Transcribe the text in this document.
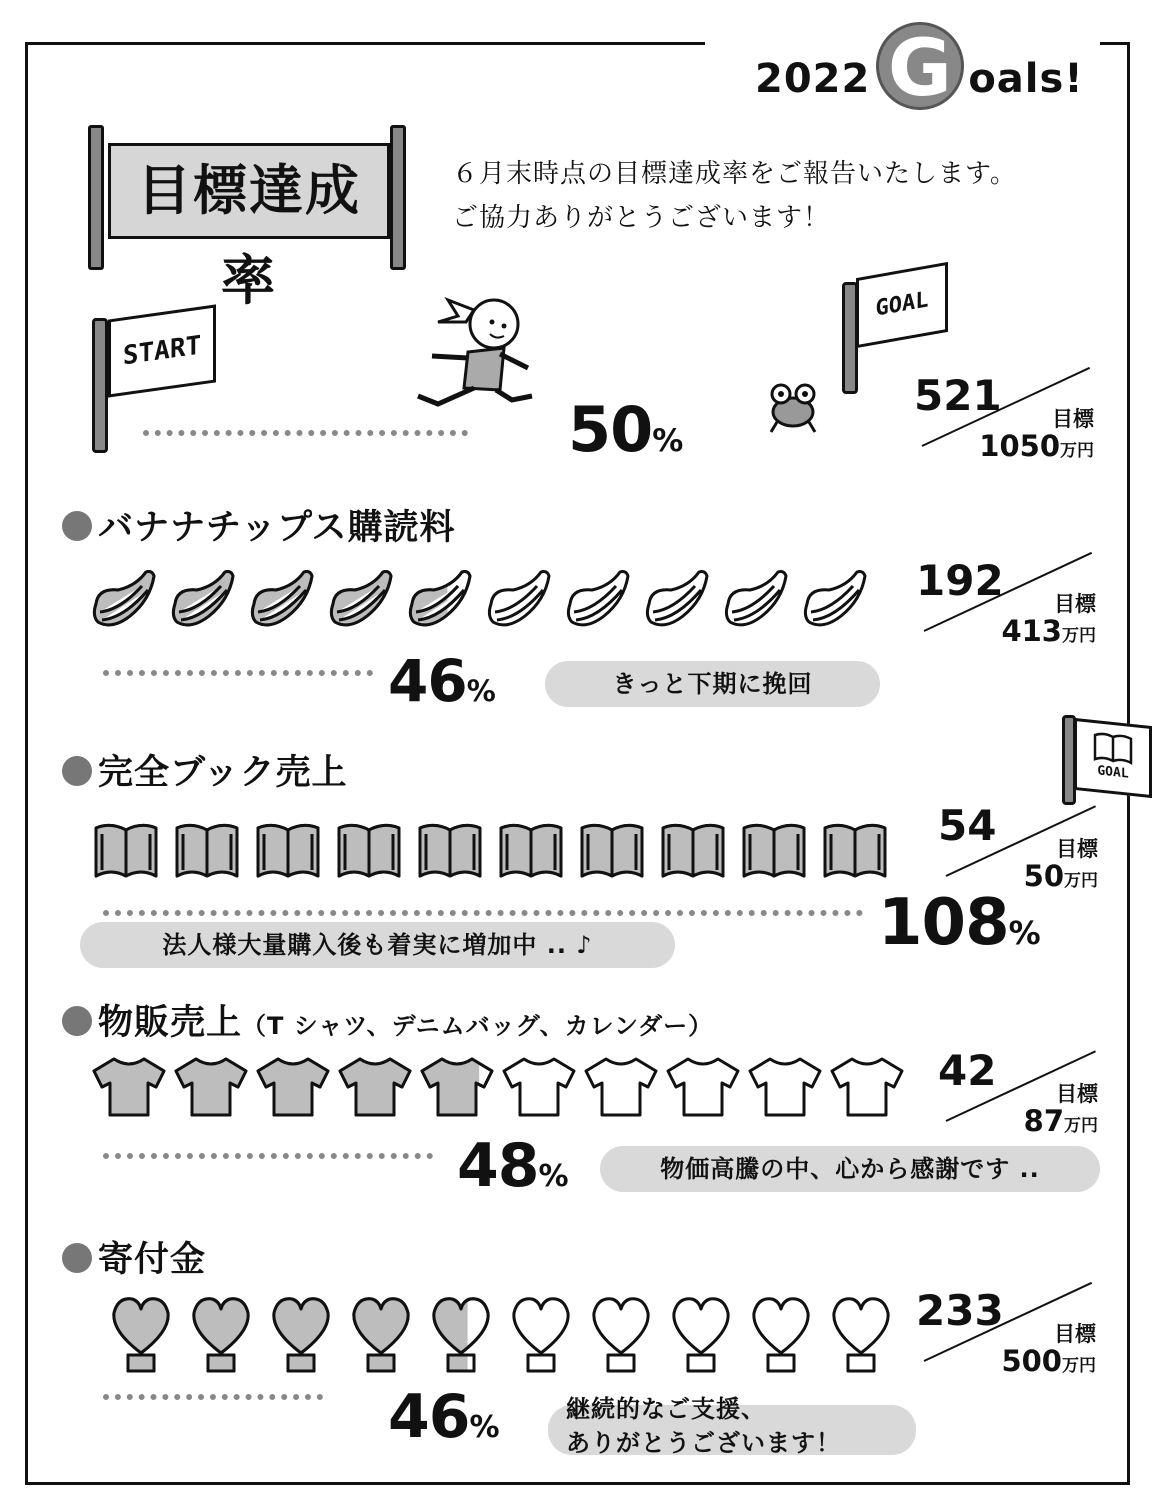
2022 G oals!
目標達成率
６月末時点の目標達成率をご報告いたします。
ご協力ありがとうございます！
START
50%
GOAL
521 目標
1050万円
バナナチップス購読料
46%	きっと下期に挽回
192 目標
413万円
完全ブック売上	GOAL
108%
法人様大量購入後も着実に増加中 .. ♪
54	目標
50万円
物販売上（T シャツ、デニムバッグ、カレンダー）
48%	物価高騰の中、心から感謝です ..
42	目標
87万円
寄付金
46%
継続的なご支援、
ありがとうございます！
233 目標
500万円
